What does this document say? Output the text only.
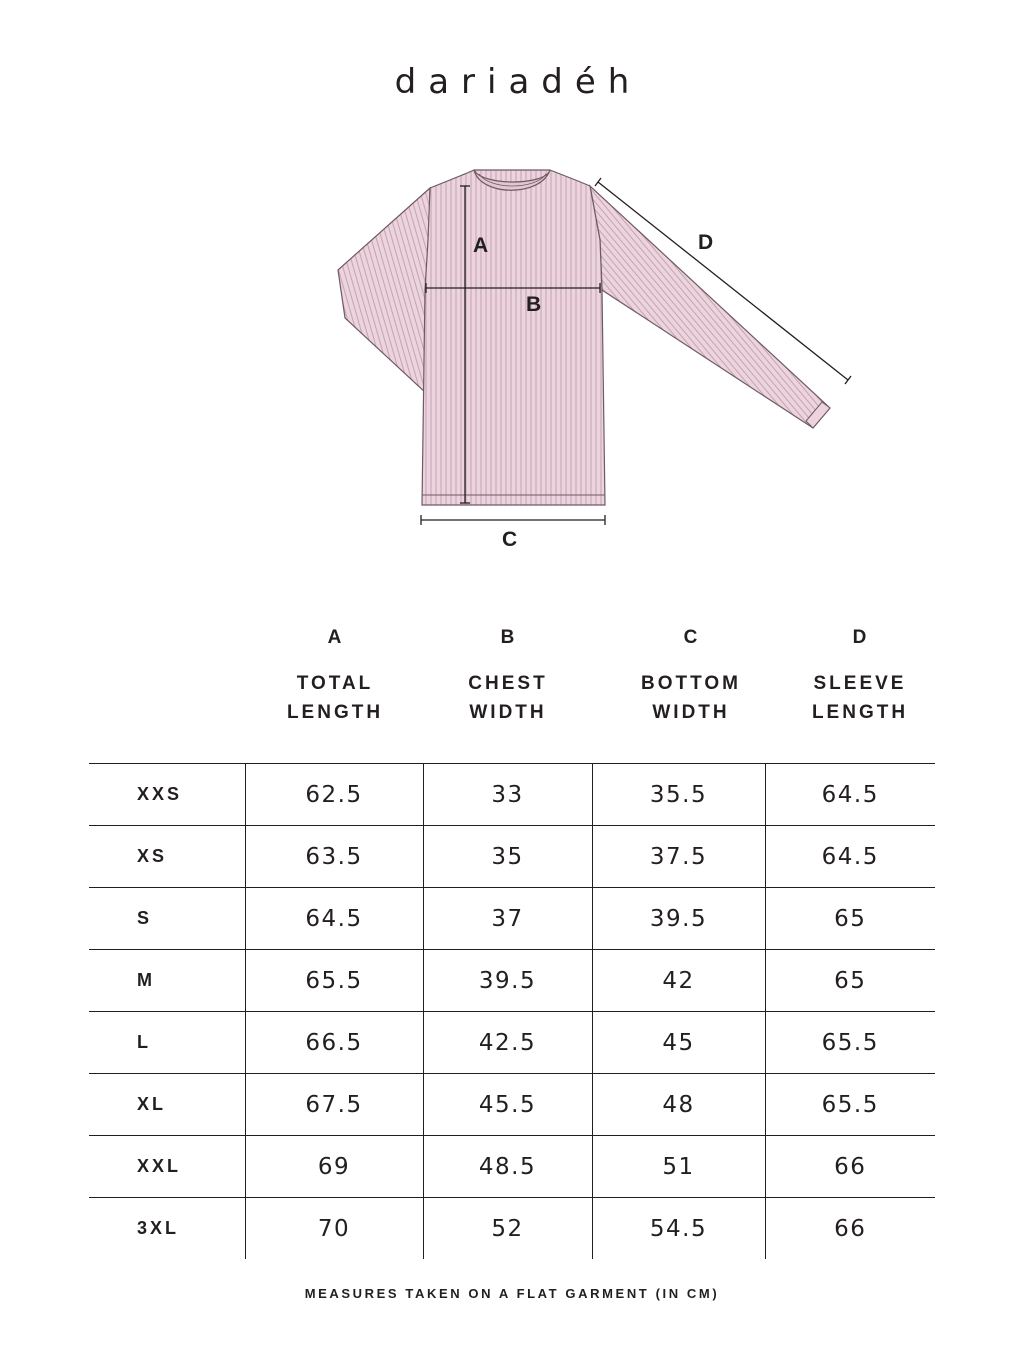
dariadéh
A
B
C
D
A
TOTAL
LENGTH
B
CHEST
WIDTH
C
BOTTOM
WIDTH
D
SLEEVE
LENGTH
XXS	62.5	33	35.5	64.5
XS	63.5	35	37.5	64.5
S	64.5	37	39.5	65
M	65.5	39.5	42	65
L	66.5	42.5	45	65.5
XL	67.5	45.5	48	65.5
XXL	69	48.5	51	66
3XL	70	52	54.5	66
MEASURES TAKEN ON A FLAT GARMENT (IN CM)
